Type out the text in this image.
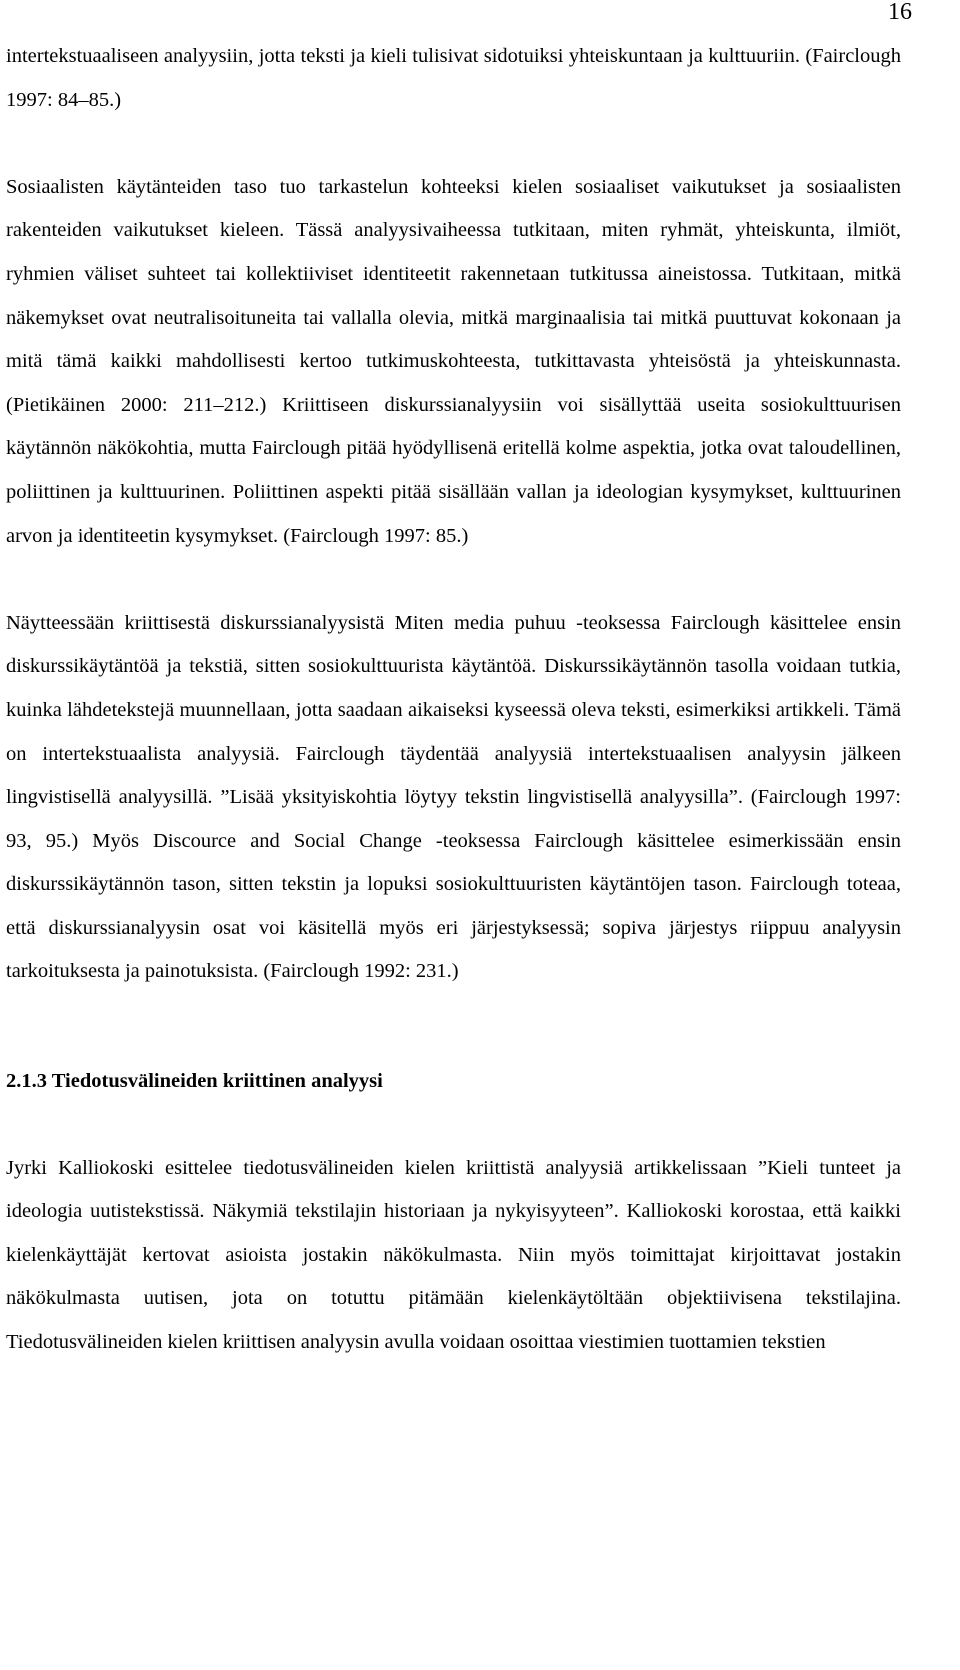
16

intertekstuaaliseen analyysiin, jotta teksti ja kieli tulisivat sidotuiksi yhteiskuntaan ja kulttuuriin. (Fairclough 1997: 84–85.)

Sosiaalisten käytänteiden taso tuo tarkastelun kohteeksi kielen sosiaaliset vaikutukset ja sosiaalisten rakenteiden vaikutukset kieleen. Tässä analyysivaiheessa tutkitaan, miten ryhmät, yhteiskunta, ilmiöt, ryhmien väliset suhteet tai kollektiiviset identiteetit rakennetaan tutkitussa aineistossa. Tutkitaan, mitkä näkemykset ovat neutralisoituneita tai vallalla olevia, mitkä marginaalisia tai mitkä puuttuvat kokonaan ja mitä tämä kaikki mahdollisesti kertoo tutkimuskohteesta, tutkittavasta yhteisöstä ja yhteiskunnasta. (Pietikäinen 2000: 211–212.) Kriittiseen diskurssianalyysiin voi sisällyttää useita sosiokulttuurisen käytännön näkökohtia, mutta Fairclough pitää hyödyllisenä eritellä kolme aspektia, jotka ovat taloudellinen, poliittinen ja kulttuurinen. Poliittinen aspekti pitää sisällään vallan ja ideologian kysymykset, kulttuurinen arvon ja identiteetin kysymykset. (Fairclough 1997: 85.)

Näytteessään kriittisestä diskurssianalyysistä Miten media puhuu -teoksessa Fairclough käsittelee ensin diskurssikäytäntöä ja tekstiä, sitten sosiokulttuurista käytäntöä. Diskurssikäytännön tasolla voidaan tutkia, kuinka lähdetekstejä muunnellaan, jotta saadaan aikaiseksi kyseessä oleva teksti, esimerkiksi artikkeli. Tämä on intertekstuaalista analyysiä. Fairclough täydentää analyysiä intertekstuaalisen analyysin jälkeen lingvistisellä analyysillä. ”Lisää yksityiskohtia löytyy tekstin lingvistisellä analyysilla”. (Fairclough 1997: 93, 95.) Myös Discource and Social Change -teoksessa Fairclough käsittelee esimerkissään ensin diskurssikäytännön tason, sitten tekstin ja lopuksi sosiokulttuuristen käytäntöjen tason. Fairclough toteaa, että diskurssianalyysin osat voi käsitellä myös eri järjestyksessä; sopiva järjestys riippuu analyysin tarkoituksesta ja painotuksista. (Fairclough 1992: 231.)

2.1.3 Tiedotusvälineiden kriittinen analyysi

Jyrki Kalliokoski esittelee tiedotusvälineiden kielen kriittistä analyysiä artikkelissaan ”Kieli tunteet ja ideologia uutistekstissä. Näkymiä tekstilajin historiaan ja nykyisyyteen”. Kalliokoski korostaa, että kaikki kielenkäyttäjät kertovat asioista jostakin näkökulmasta. Niin myös toimittajat kirjoittavat jostakin näkökulmasta uutisen, jota on totuttu pitämään kielenkäytöltään objektiivisena tekstilajina. Tiedotusvälineiden kielen kriittisen analyysin avulla voidaan osoittaa viestimien tuottamien tekstien
